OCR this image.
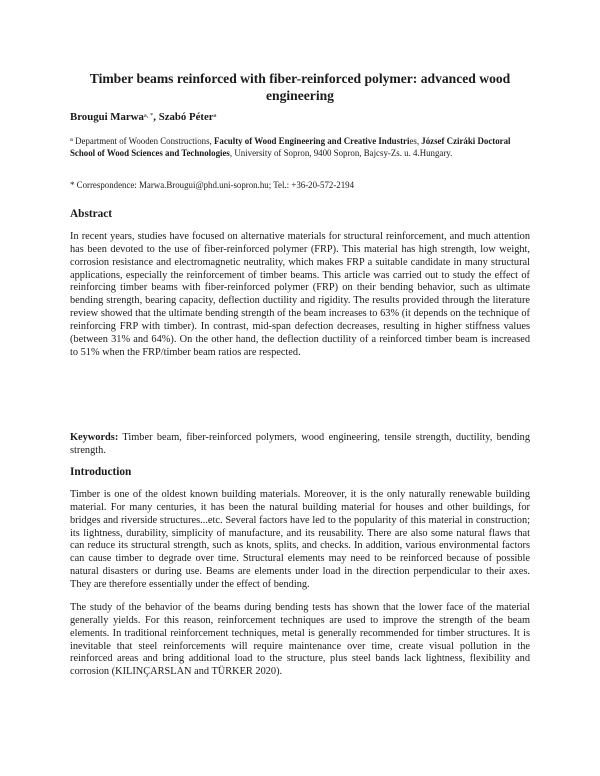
Timber beams reinforced with fiber-reinforced polymer: advanced wood engineering
Brougui Marwa$^{a, *}$, Szabó Péter$^a$
$^a$ Department of Wooden Constructions, Faculty of Wood Engineering and Creative Industries, József Cziráki Doctoral School of Wood Sciences and Technologies, University of Sopron, 9400 Sopron, Bajcsy-Zs. u. 4.Hungary.
* Correspondence: Marwa.Brougui@phd.uni-sopron.hu; Tel.: +36-20-572-2194
Abstract

In recent years, studies have focused on alternative materials for structural reinforcement, and much attention has been devoted to the use of fiber-reinforced polymer (FRP). This material has high strength, low weight, corrosion resistance and electromagnetic neutrality, which makes FRP a suitable candidate in many structural applications, especially the reinforcement of timber beams. This article was carried out to study the effect of reinforcing timber beams with fiber-reinforced polymer (FRP) on their bending behavior, such as ultimate bending strength, bearing capacity, deflection ductility and rigidity. The results provided through the literature review showed that the ultimate bending strength of the beam increases to 63% (it depends on the technique of reinforcing FRP with timber). In contrast, mid-span defection decreases, resulting in higher stiffness values (between 31% and 64%). On the other hand, the deflection ductility of a reinforced timber beam is increased to 51% when the FRP/timber beam ratios are respected.

Keywords: Timber beam, fiber-reinforced polymers, wood engineering, tensile strength, ductility, bending strength.

Introduction

Timber is one of the oldest known building materials. Moreover, it is the only naturally renewable building material. For many centuries, it has been the natural building material for houses and other buildings, for bridges and riverside structures...etc. Several factors have led to the popularity of this material in construction; its lightness, durability, simplicity of manufacture, and its reusability. There are also some natural flaws that can reduce its structural strength, such as knots, splits, and checks. In addition, various environmental factors can cause timber to degrade over time. Structural elements may need to be reinforced because of possible natural disasters or during use. Beams are elements under load in the direction perpendicular to their axes. They are therefore essentially under the effect of bending.

The study of the behavior of the beams during bending tests has shown that the lower face of the material generally yields. For this reason, reinforcement techniques are used to improve the strength of the beam elements. In traditional reinforcement techniques, metal is generally recommended for timber structures. It is inevitable that steel reinforcements will require maintenance over time, create visual pollution in the reinforced areas and bring additional load to the structure, plus steel bands lack lightness, flexibility and corrosion (KILINÇARSLAN and TÜRKER 2020).
